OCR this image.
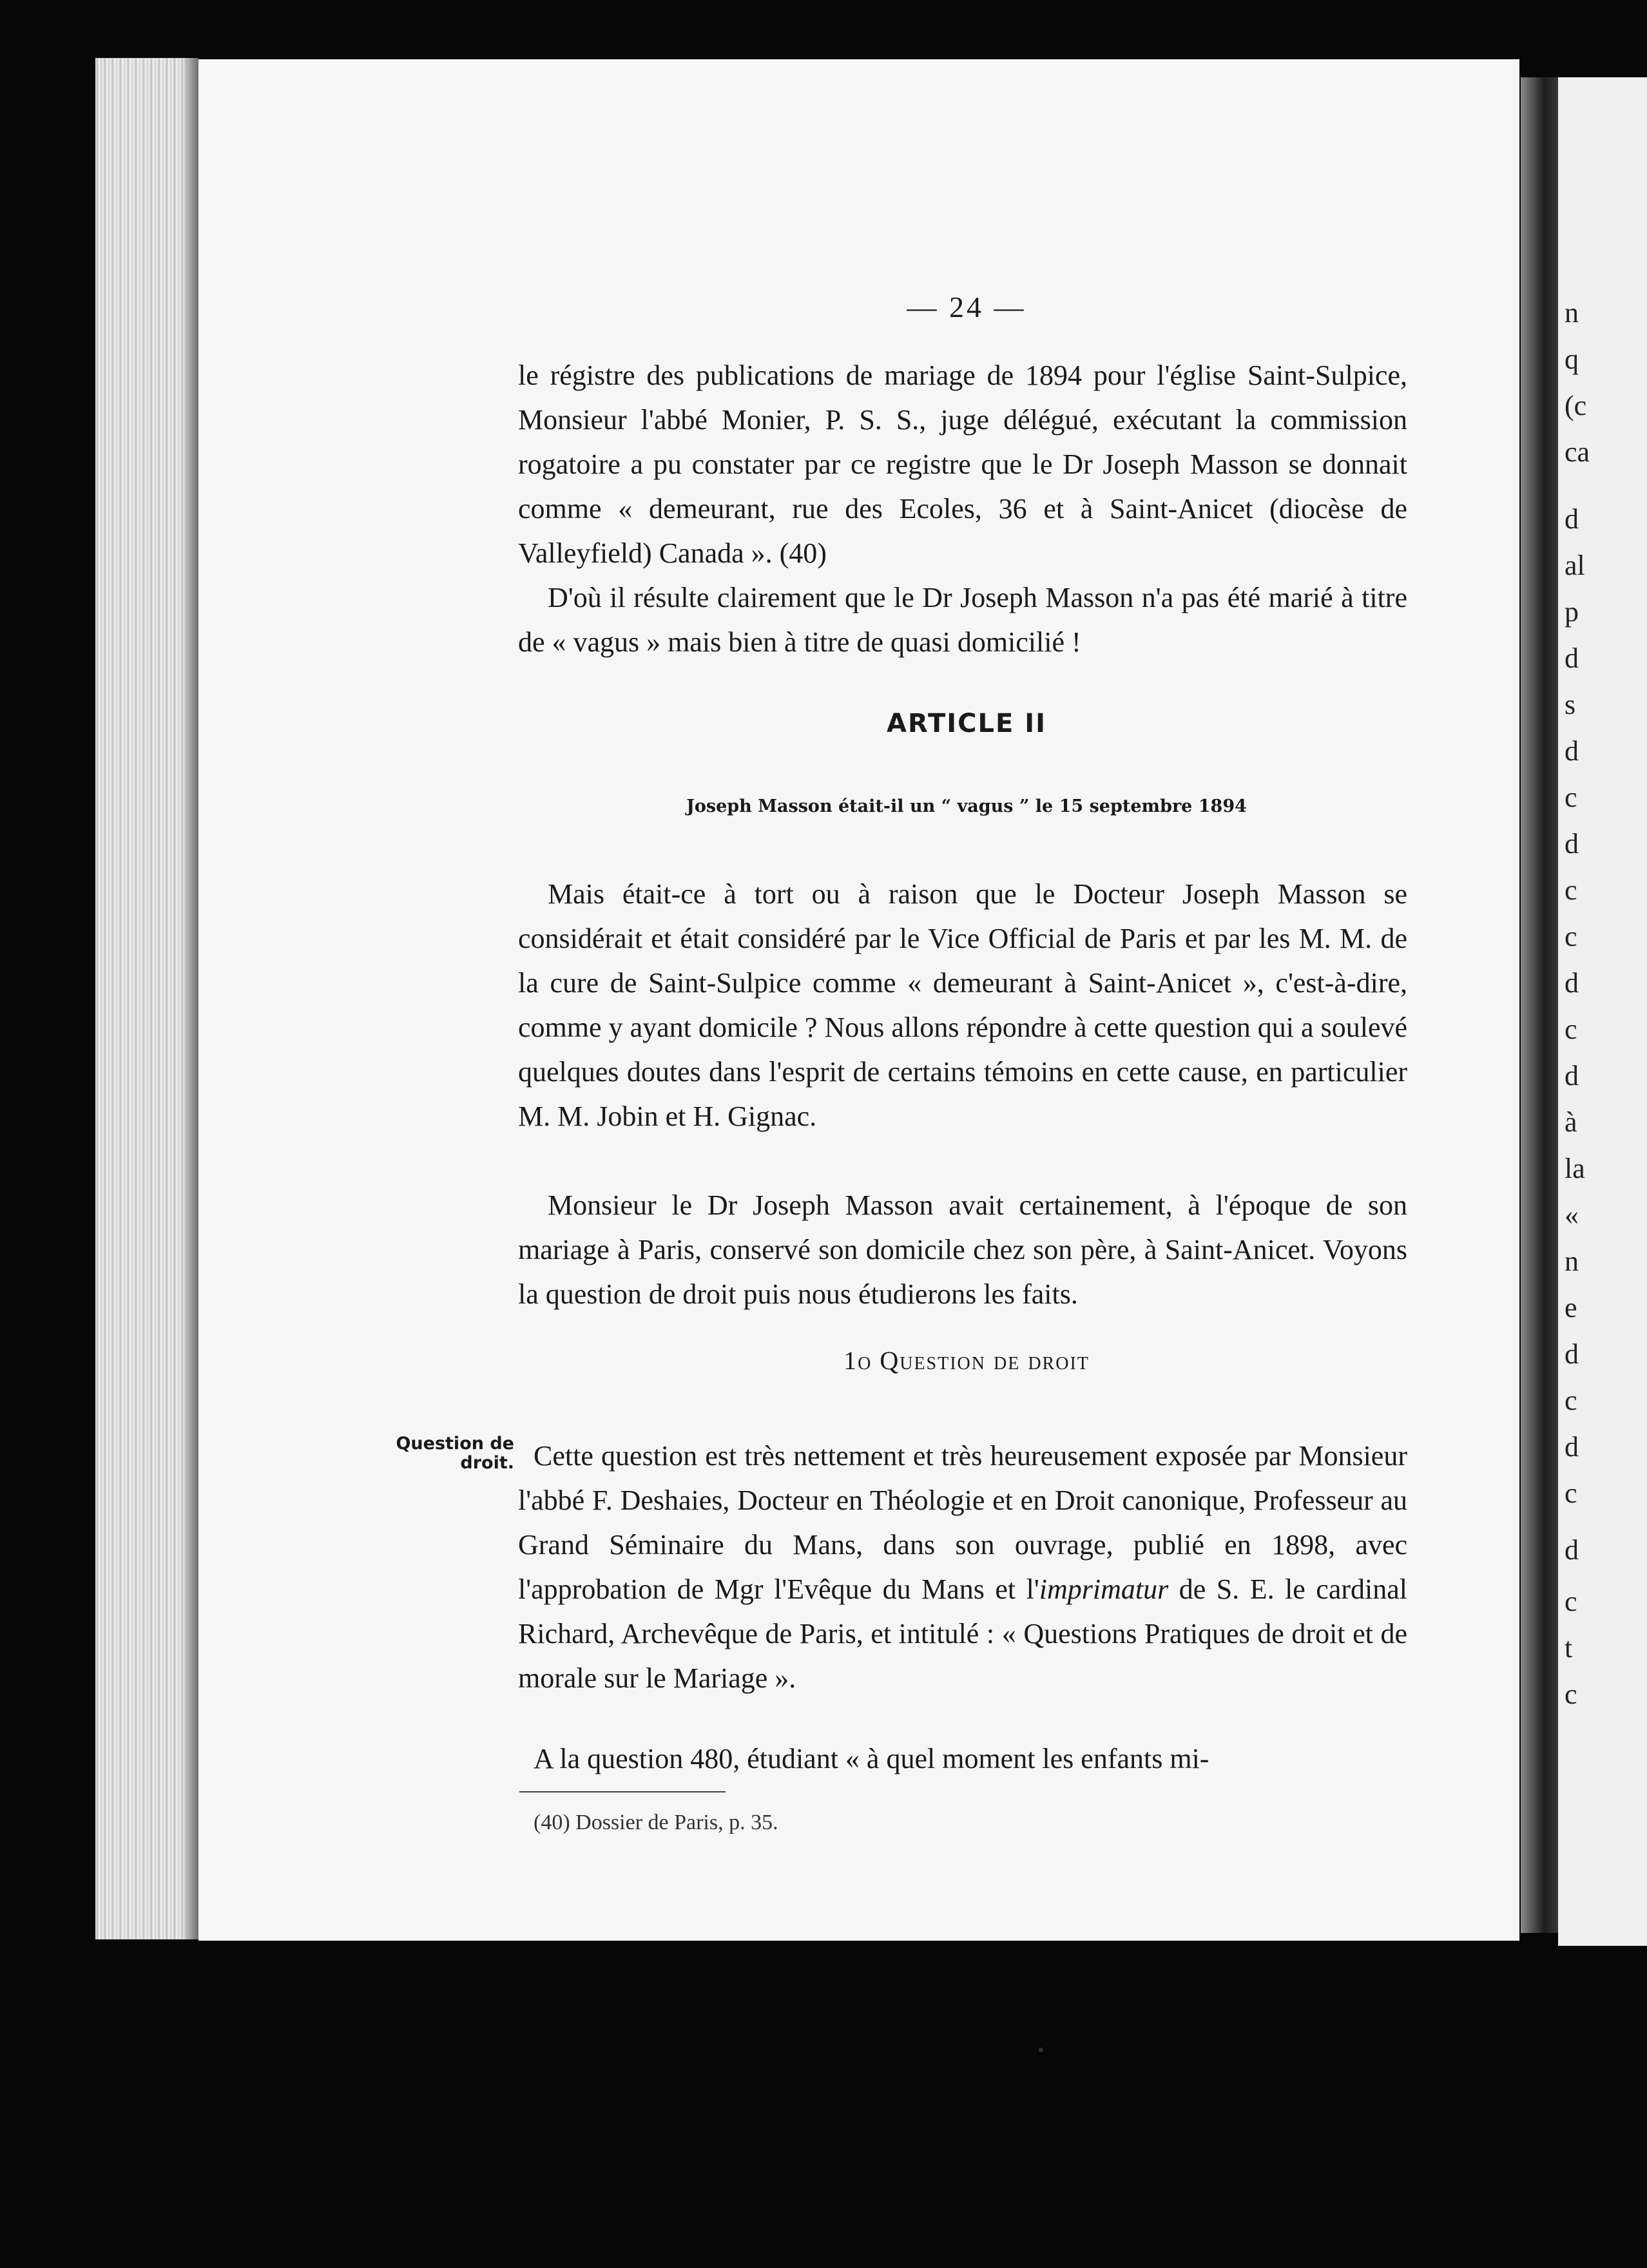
n
q
(c
ca
d
al
p
d
s
d
c
d
c
c
d
c
d
à
la
«
n
e
d
c
d
c
d
c
t
c
— 24 —

le régistre des publications de mariage de 1894 pour l'église Saint-Sulpice, Monsieur l'abbé Monier, P. S. S., juge délégué, exécutant la commission rogatoire a pu constater par ce registre que le Dr Joseph Masson se donnait comme « demeurant, rue des Ecoles, 36 et à Saint-Anicet (diocèse de Valleyfield) Canada ». (40)

D'où il résulte clairement que le Dr Joseph Masson n'a pas été marié à titre de « vagus » mais bien à titre de quasi domicilié !

ARTICLE II
Joseph Masson était-il un “ vagus ” le 15 septembre 1894

Mais était-ce à tort ou à raison que le Docteur Joseph Masson se considérait et était considéré par le Vice Official de Paris et par les M. M. de la cure de Saint-Sulpice comme « demeurant à Saint-Anicet », c'est-à-dire, comme y ayant domicile ? Nous allons répondre à cette question qui a soulevé quelques doutes dans l'esprit de certains témoins en cette cause, en particulier M. M. Jobin et H. Gignac.

Monsieur le Dr Joseph Masson avait certainement, à l'époque de son mariage à Paris, conservé son domicile chez son père, à Saint-Anicet. Voyons la question de droit puis nous étudierons les faits.

1o Question de droit
Question de droit. Cette question est très nettement et très heureusement exposée par Monsieur l'abbé F. Deshaies, Docteur en Théologie et en Droit canonique, Professeur au Grand Séminaire du Mans, dans son ouvrage, publié en 1898, avec l'approbation de Mgr l'Evêque du Mans et l'imprimatur de S. E. le cardinal Richard, Archevêque de Paris, et intitulé : « Questions Pratiques de droit et de morale sur le Mariage ».

A la question 480, étudiant « à quel moment les enfants mi-

(40) Dossier de Paris, p. 35.
